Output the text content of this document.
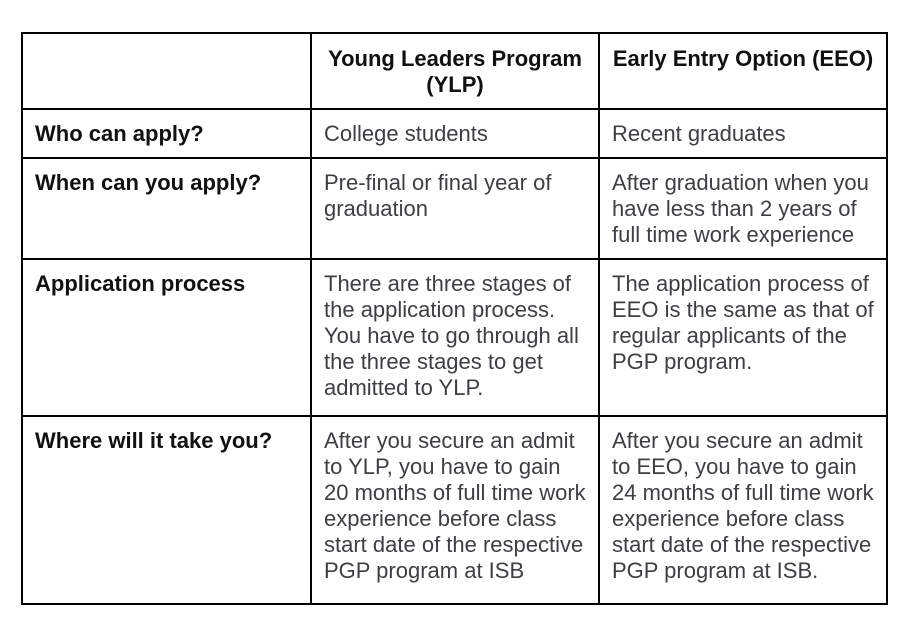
	Young Leaders Program (YLP)	Early Entry Option (EEO)
Who can apply?	College students	Recent graduates
When can you apply?	Pre-final or final year of graduation	After graduation when you have less than 2 years of full time work experience
Application process	There are three stages of the application process. You have to go through all the three stages to get admitted to YLP.	The application process of EEO is the same as that of regular applicants of the PGP program.
Where will it take you?	After you secure an admit to YLP, you have to gain 20 months of full time work experience before class start date of the respective PGP program at ISB	After you secure an admit to EEO, you have to gain 24 months of full time work experience before class start date of the respective PGP program at ISB.
